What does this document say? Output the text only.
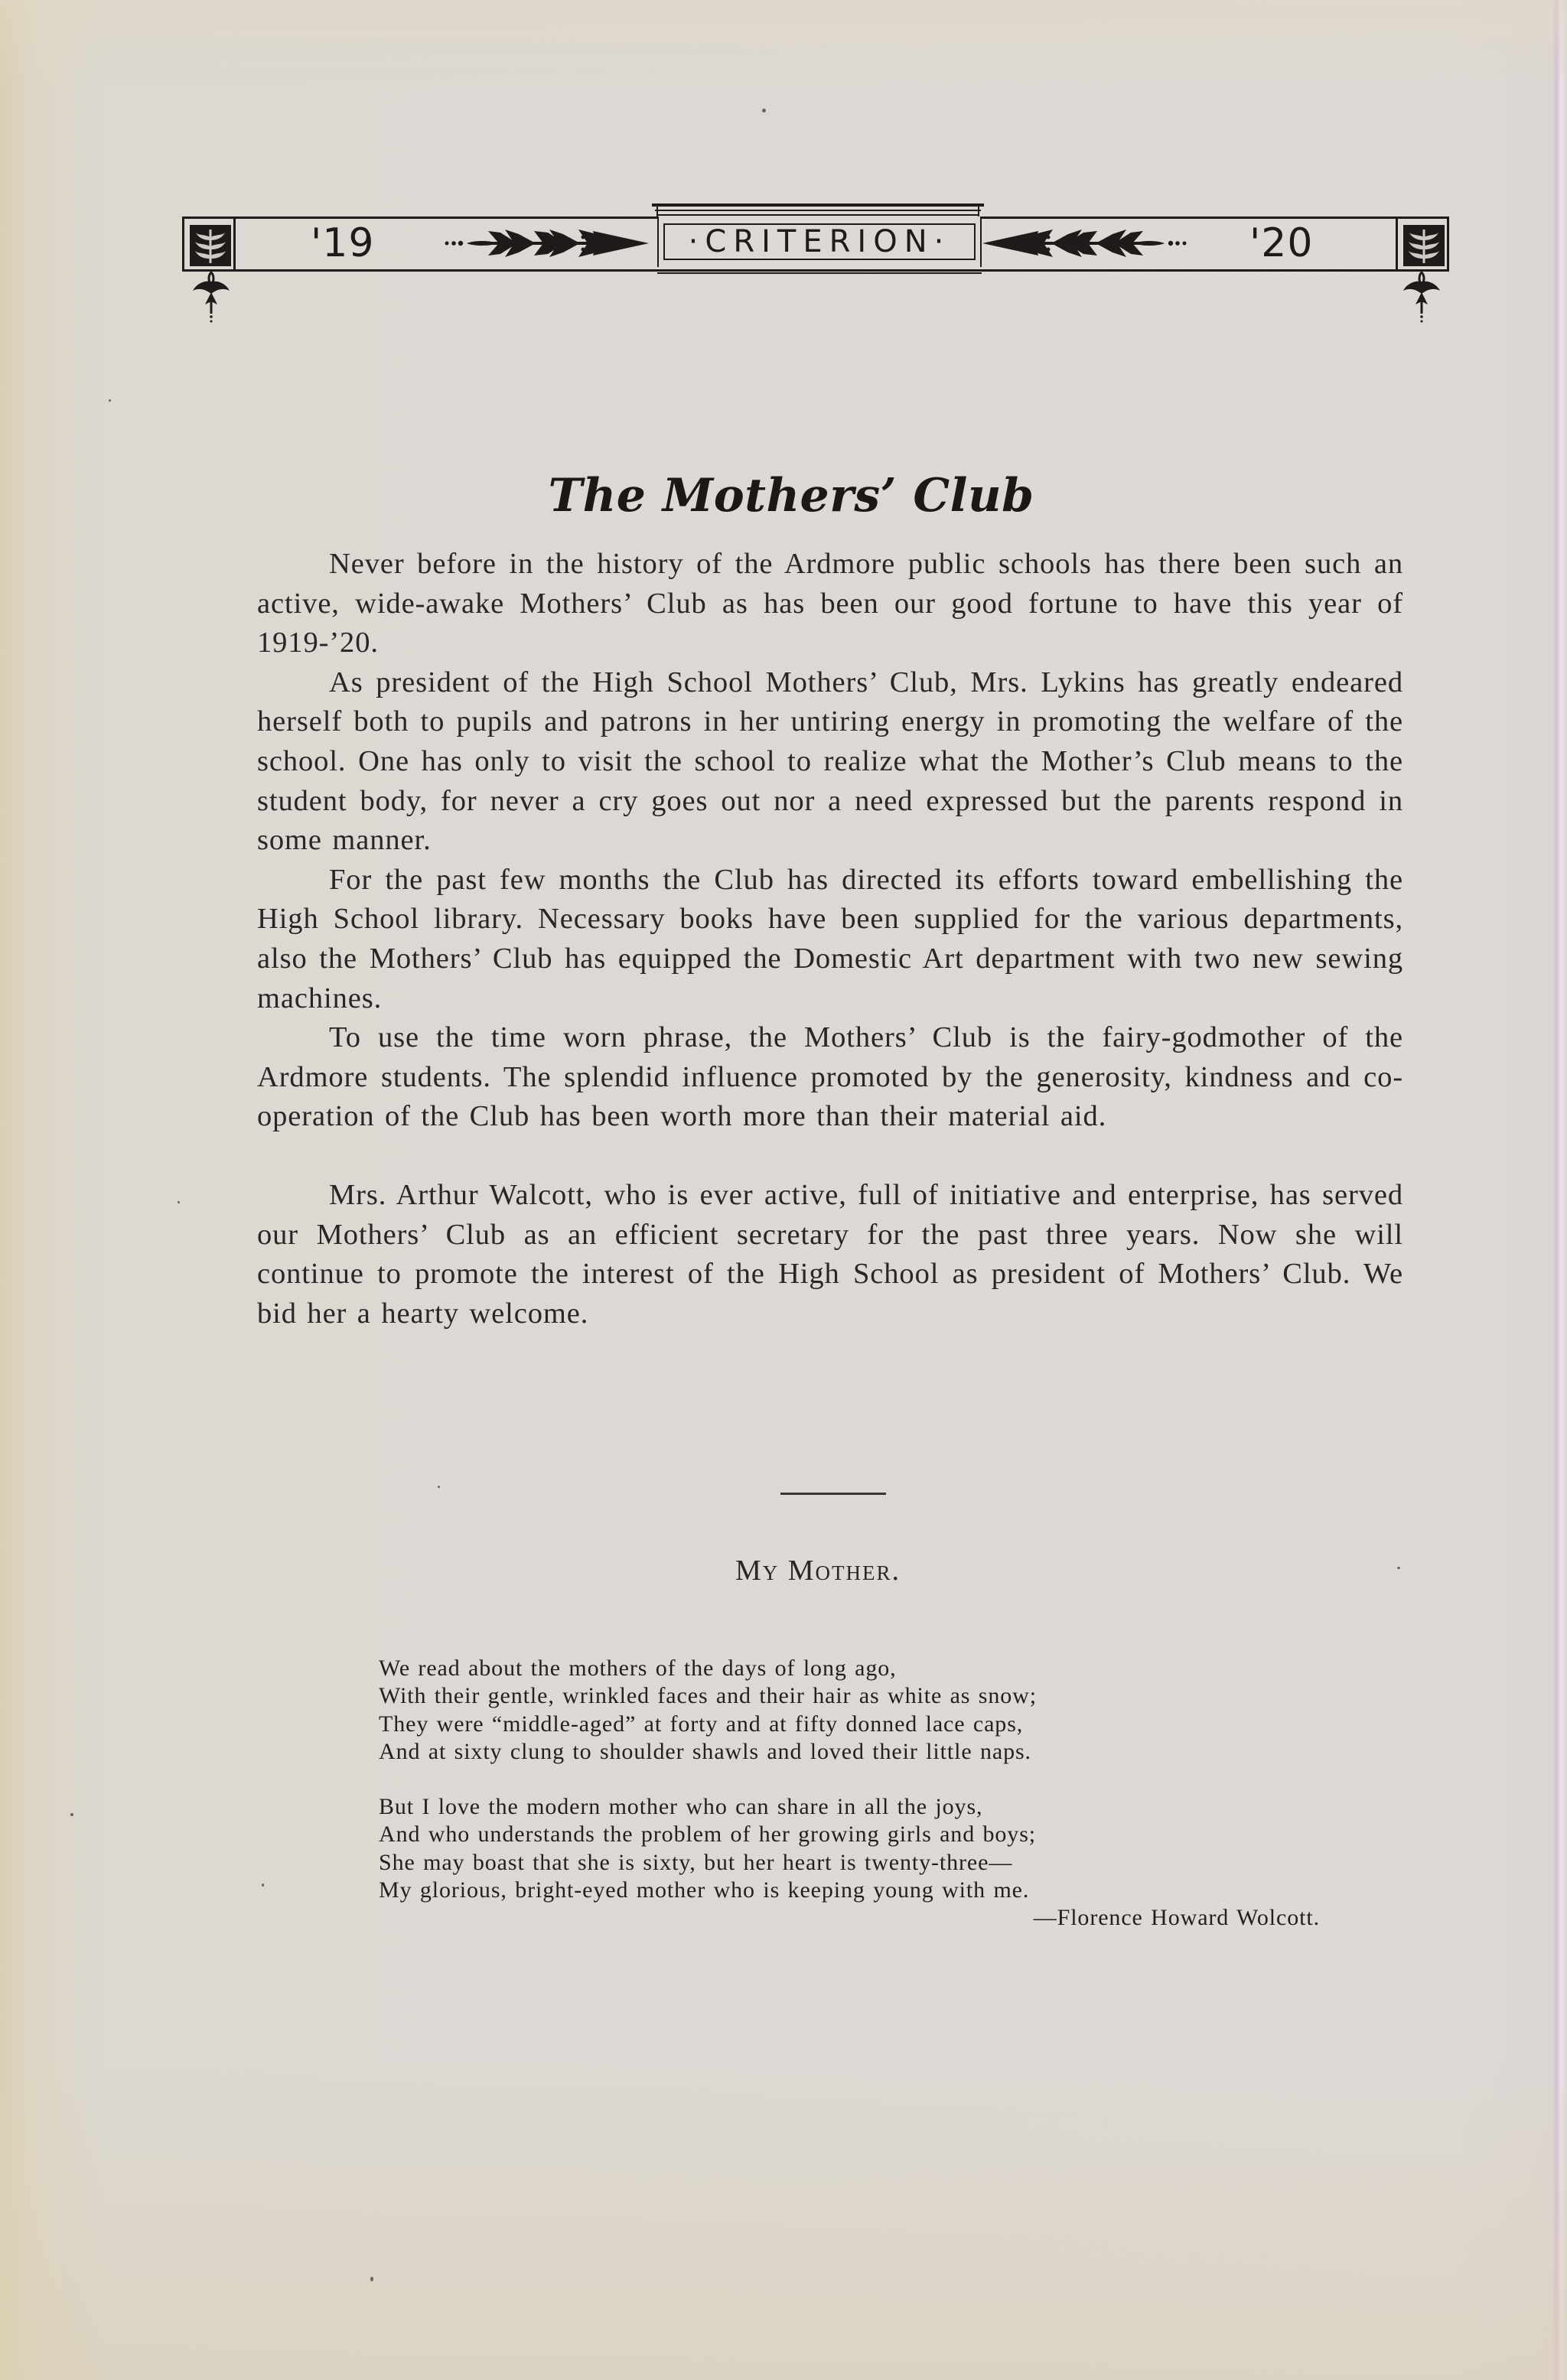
'19	'20
·CRITERION·
The Mothers’ Club

Never before in the history of the Ardmore public schools has there been such an active, wide-awake Mothers’ Club as has been our good fortune to have this year of 1919-’20.

As president of the High School Mothers’ Club, Mrs. Lykins has greatly endeared herself both to pupils and patrons in her untiring energy in promoting the welfare of the school. One has only to visit the school to realize what the Mother’s Club means to the student body, for never a cry goes out nor a need expressed but the parents respond in some manner.

For the past few months the Club has directed its efforts toward embellishing the High School library. Necessary books have been supplied for the various departments, also the Mothers’ Club has equipped the Domestic Art department with two new sewing machines.

To use the time worn phrase, the Mothers’ Club is the fairy-godmother of the Ardmore students. The splendid influence promoted by the generosity, kindness and co-operation of the Club has been worth more than their material aid.

Mrs. Arthur Walcott, who is ever active, full of initiative and enterprise, has served our Mothers’ Club as an efficient secretary for the past three years. Now she will continue to promote the interest of the High School as president of Mothers’ Club. We bid her a hearty welcome.

My Mother.

We read about the mothers of the days of long ago,
With their gentle, wrinkled faces and their hair as white as snow;
They were “middle-aged” at forty and at fifty donned lace caps,
And at sixty clung to shoulder shawls and loved their little naps.

But I love the modern mother who can share in all the joys,
And who understands the problem of her growing girls and boys;
She may boast that she is sixty, but her heart is twenty-three—
My glorious, bright-eyed mother who is keeping young with me.
—Florence Howard Wolcott.
